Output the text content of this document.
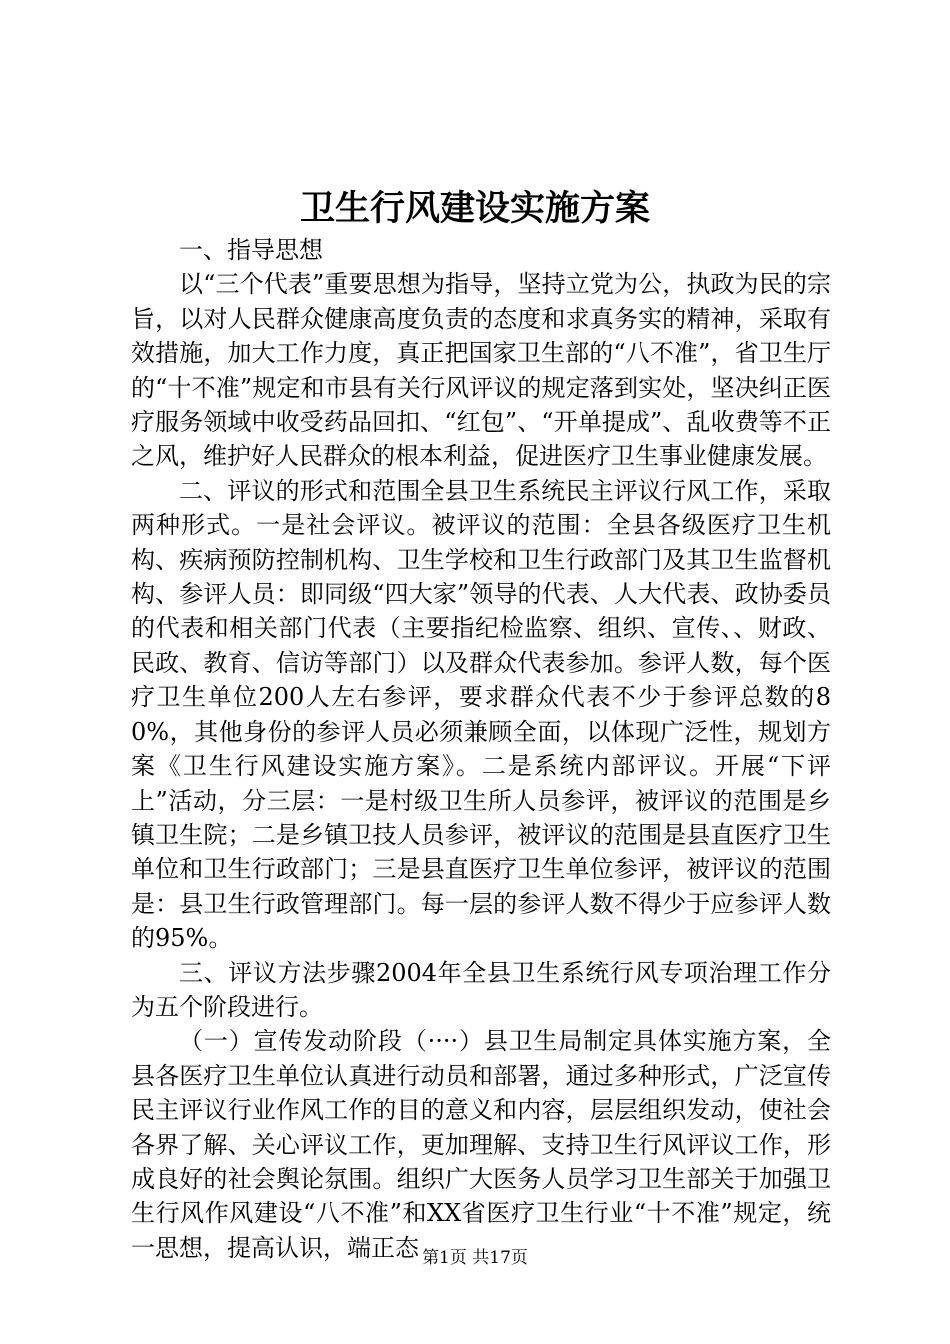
卫生行风建设实施方案

一、指导思想

以“三个代表”重要思想为指导，坚持立党为公，执政为民的宗旨，以对人民群众健康高度负责的态度和求真务实的精神，采取有效措施，加大工作力度，真正把国家卫生部的“八不准”，省卫生厅的“十不准”规定和市县有关行风评议的规定落到实处，坚决纠正医疗服务领域中收受药品回扣、“红包”、“开单提成”、乱收费等不正之风，维护好人民群众的根本利益，促进医疗卫生事业健康发展。

二、评议的形式和范围全县卫生系统民主评议行风工作，采取两种形式。一是社会评议。被评议的范围：全县各级医疗卫生机构、疾病预防控制机构、卫生学校和卫生行政部门及其卫生监督机构、参评人员：即同级“四大家”领导的代表、人大代表、政协委员的代表和相关部门代表（主要指纪检监察、组织、宣传、、财政、民政、教育、信访等部门）以及群众代表参加。参评人数，每个医疗卫生单位200人左右参评，要求群众代表不少于参评总数的80%，其他身份的参评人员必须兼顾全面，以体现广泛性，规划方案《卫生行风建设实施方案》。二是系统内部评议。开展“下评上”活动，分三层：一是村级卫生所人员参评，被评议的范围是乡镇卫生院；二是乡镇卫技人员参评，被评议的范围是县直医疗卫生单位和卫生行政部门；三是县直医疗卫生单位参评，被评议的范围是：县卫生行政管理部门。每一层的参评人数不得少于应参评人数的95%。

三、评议方法步骤2004年全县卫生系统行风专项治理工作分为五个阶段进行。

（一）宣传发动阶段（····）县卫生局制定具体实施方案，全县各医疗卫生单位认真进行动员和部署，通过多种形式，广泛宣传民主评议行业作风工作的目的意义和内容，层层组织发动，使社会各界了解、关心评议工作，更加理解、支持卫生行风评议工作，形成良好的社会舆论氛围。组织广大医务人员学习卫生部关于加强卫生行风作风建设“八不准”和XX省医疗卫生行业“十不准”规定，统一思想，提高认识，端正态 第1页 共17页
